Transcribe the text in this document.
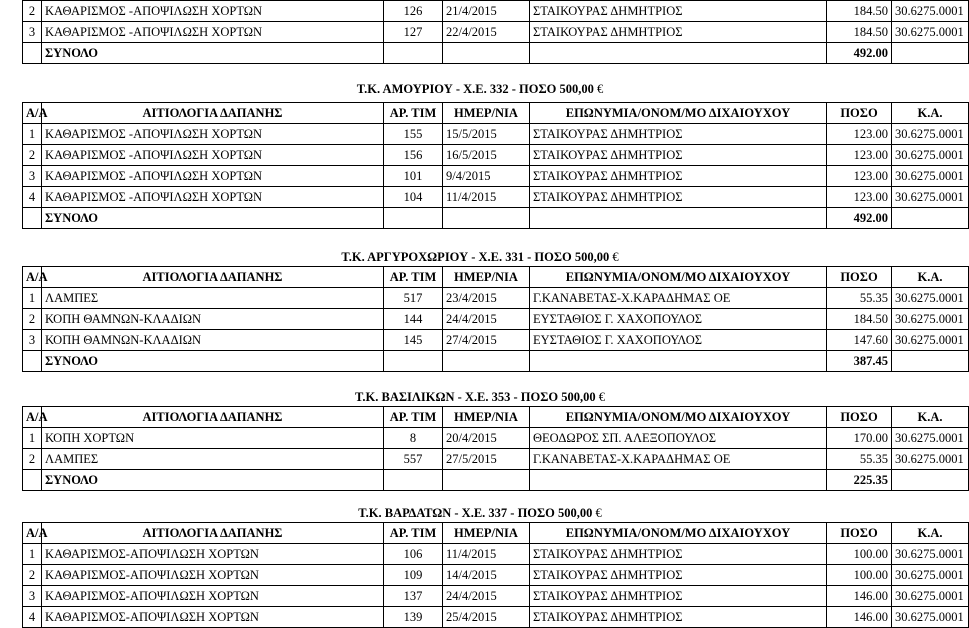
2	ΚΑΘΑΡΙΣΜΟΣ -ΑΠΟΨΙΛΩΣΗ ΧΟΡΤΩΝ	126	21/4/2015	ΣΤΑΙΚΟΥΡΑΣ ΔΗΜΗΤΡΙΟΣ	184.50	30.6275.0001
3	ΚΑΘΑΡΙΣΜΟΣ -ΑΠΟΨΙΛΩΣΗ ΧΟΡΤΩΝ	127	22/4/2015	ΣΤΑΙΚΟΥΡΑΣ ΔΗΜΗΤΡΙΟΣ	184.50	30.6275.0001
	ΣΥΝΟΛΟ				492.00	
Τ.Κ. ΑΜΟΥΡΙΟΥ - Χ.Ε. 332 - ΠΟΣΟ 500,00 €
Α/Α	ΑΙΤΙΟΛΟΓΙΑ ΔΑΠΑΝΗΣ	ΑΡ. ΤΙΜ	ΗΜΕΡ/ΝΙΑ	ΕΠΩΝΥΜΙΑ/ΟΝΟΜ/ΜΟ ΔΙΧΑΙΟΥΧΟΥ	ΠΟΣΟ	Κ.Α.
1	ΚΑΘΑΡΙΣΜΟΣ -ΑΠΟΨΙΛΩΣΗ ΧΟΡΤΩΝ	155	15/5/2015	ΣΤΑΙΚΟΥΡΑΣ ΔΗΜΗΤΡΙΟΣ	123.00	30.6275.0001
2	ΚΑΘΑΡΙΣΜΟΣ -ΑΠΟΨΙΛΩΣΗ ΧΟΡΤΩΝ	156	16/5/2015	ΣΤΑΙΚΟΥΡΑΣ ΔΗΜΗΤΡΙΟΣ	123.00	30.6275.0001
3	ΚΑΘΑΡΙΣΜΟΣ -ΑΠΟΨΙΛΩΣΗ ΧΟΡΤΩΝ	101	9/4/2015	ΣΤΑΙΚΟΥΡΑΣ ΔΗΜΗΤΡΙΟΣ	123.00	30.6275.0001
4	ΚΑΘΑΡΙΣΜΟΣ -ΑΠΟΨΙΛΩΣΗ ΧΟΡΤΩΝ	104	11/4/2015	ΣΤΑΙΚΟΥΡΑΣ ΔΗΜΗΤΡΙΟΣ	123.00	30.6275.0001
	ΣΥΝΟΛΟ				492.00	
Τ.Κ. ΑΡΓΥΡΟΧΩΡΙΟΥ - Χ.Ε. 331 - ΠΟΣΟ 500,00 €
Α/Α	ΑΙΤΙΟΛΟΓΙΑ ΔΑΠΑΝΗΣ	ΑΡ. ΤΙΜ	ΗΜΕΡ/ΝΙΑ	ΕΠΩΝΥΜΙΑ/ΟΝΟΜ/ΜΟ ΔΙΧΑΙΟΥΧΟΥ	ΠΟΣΟ	Κ.Α.
1	ΛΑΜΠΕΣ	517	23/4/2015	Γ.ΚΑΝΑΒΕΤΑΣ-Χ.ΚΑΡΑΔΗΜΑΣ ΟΕ	55.35	30.6275.0001
2	ΚΟΠΗ ΘΑΜΝΩΝ-ΚΛΑΔΙΩΝ	144	24/4/2015	ΕΥΣΤΑΘΙΟΣ Γ. ΧΑΧΟΠΟΥΛΟΣ	184.50	30.6275.0001
3	ΚΟΠΗ ΘΑΜΝΩΝ-ΚΛΑΔΙΩΝ	145	27/4/2015	ΕΥΣΤΑΘΙΟΣ Γ. ΧΑΧΟΠΟΥΛΟΣ	147.60	30.6275.0001
	ΣΥΝΟΛΟ				387.45	
Τ.Κ. ΒΑΣΙΛΙΚΩΝ - Χ.Ε. 353 - ΠΟΣΟ 500,00 €
Α/Α	ΑΙΤΙΟΛΟΓΙΑ ΔΑΠΑΝΗΣ	ΑΡ. ΤΙΜ	ΗΜΕΡ/ΝΙΑ	ΕΠΩΝΥΜΙΑ/ΟΝΟΜ/ΜΟ ΔΙΧΑΙΟΥΧΟΥ	ΠΟΣΟ	Κ.Α.
1	ΚΟΠΗ ΧΟΡΤΩΝ	8	20/4/2015	ΘΕΟΔΩΡΟΣ ΣΠ. ΑΛΕΞΟΠΟΥΛΟΣ	170.00	30.6275.0001
2	ΛΑΜΠΕΣ	557	27/5/2015	Γ.ΚΑΝΑΒΕΤΑΣ-Χ.ΚΑΡΑΔΗΜΑΣ ΟΕ	55.35	30.6275.0001
	ΣΥΝΟΛΟ				225.35	
Τ.Κ. ΒΑΡΔΑΤΩΝ - Χ.Ε. 337 - ΠΟΣΟ 500,00 €
Α/Α	ΑΙΤΙΟΛΟΓΙΑ ΔΑΠΑΝΗΣ	ΑΡ. ΤΙΜ	ΗΜΕΡ/ΝΙΑ	ΕΠΩΝΥΜΙΑ/ΟΝΟΜ/ΜΟ ΔΙΧΑΙΟΥΧΟΥ	ΠΟΣΟ	Κ.Α.
1	ΚΑΘΑΡΙΣΜΟΣ-ΑΠΟΨΙΛΩΣΗ ΧΟΡΤΩΝ	106	11/4/2015	ΣΤΑΙΚΟΥΡΑΣ ΔΗΜΗΤΡΙΟΣ	100.00	30.6275.0001
2	ΚΑΘΑΡΙΣΜΟΣ-ΑΠΟΨΙΛΩΣΗ ΧΟΡΤΩΝ	109	14/4/2015	ΣΤΑΙΚΟΥΡΑΣ ΔΗΜΗΤΡΙΟΣ	100.00	30.6275.0001
3	ΚΑΘΑΡΙΣΜΟΣ-ΑΠΟΨΙΛΩΣΗ ΧΟΡΤΩΝ	137	24/4/2015	ΣΤΑΙΚΟΥΡΑΣ ΔΗΜΗΤΡΙΟΣ	146.00	30.6275.0001
4	ΚΑΘΑΡΙΣΜΟΣ-ΑΠΟΨΙΛΩΣΗ ΧΟΡΤΩΝ	139	25/4/2015	ΣΤΑΙΚΟΥΡΑΣ ΔΗΜΗΤΡΙΟΣ	146.00	30.6275.0001
